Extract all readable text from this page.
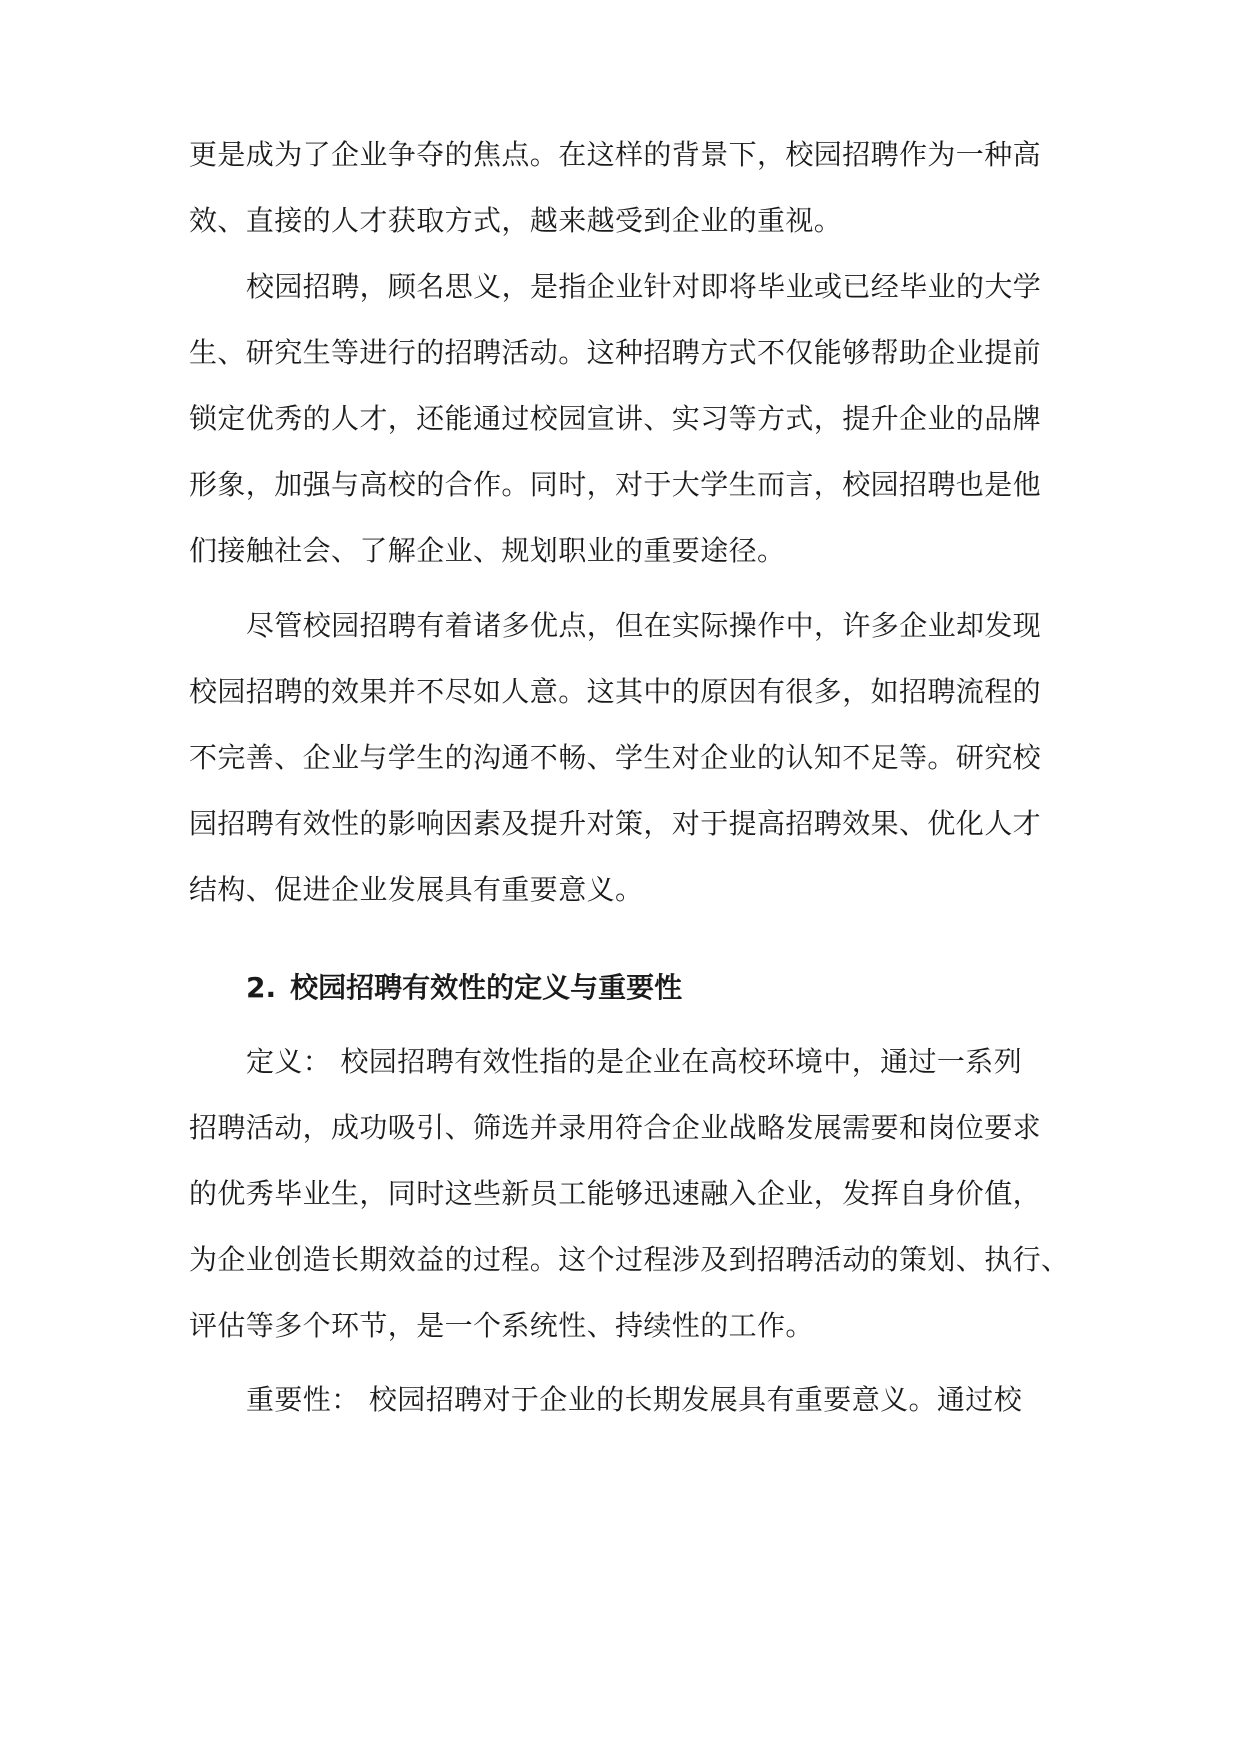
更是成为了企业争夺的焦点。在这样的背景下，校园招聘作为一种高
效、直接的人才获取方式，越来越受到企业的重视。
校园招聘，顾名思义，是指企业针对即将毕业或已经毕业的大学
生、研究生等进行的招聘活动。这种招聘方式不仅能够帮助企业提前
锁定优秀的人才，还能通过校园宣讲、实习等方式，提升企业的品牌
形象，加强与高校的合作。同时，对于大学生而言，校园招聘也是他
们接触社会、了解企业、规划职业的重要途径。
尽管校园招聘有着诸多优点，但在实际操作中，许多企业却发现
校园招聘的效果并不尽如人意。这其中的原因有很多，如招聘流程的
不完善、企业与学生的沟通不畅、学生对企业的认知不足等。研究校
园招聘有效性的影响因素及提升对策，对于提高招聘效果、优化人才
结构、促进企业发展具有重要意义。
2. 校园招聘有效性的定义与重要性
定义： 校园招聘有效性指的是企业在高校环境中，通过一系列
招聘活动，成功吸引、筛选并录用符合企业战略发展需要和岗位要求
的优秀毕业生，同时这些新员工能够迅速融入企业，发挥自身价值，
为企业创造长期效益的过程。这个过程涉及到招聘活动的策划、执行、
评估等多个环节，是一个系统性、持续性的工作。
重要性： 校园招聘对于企业的长期发展具有重要意义。通过校
